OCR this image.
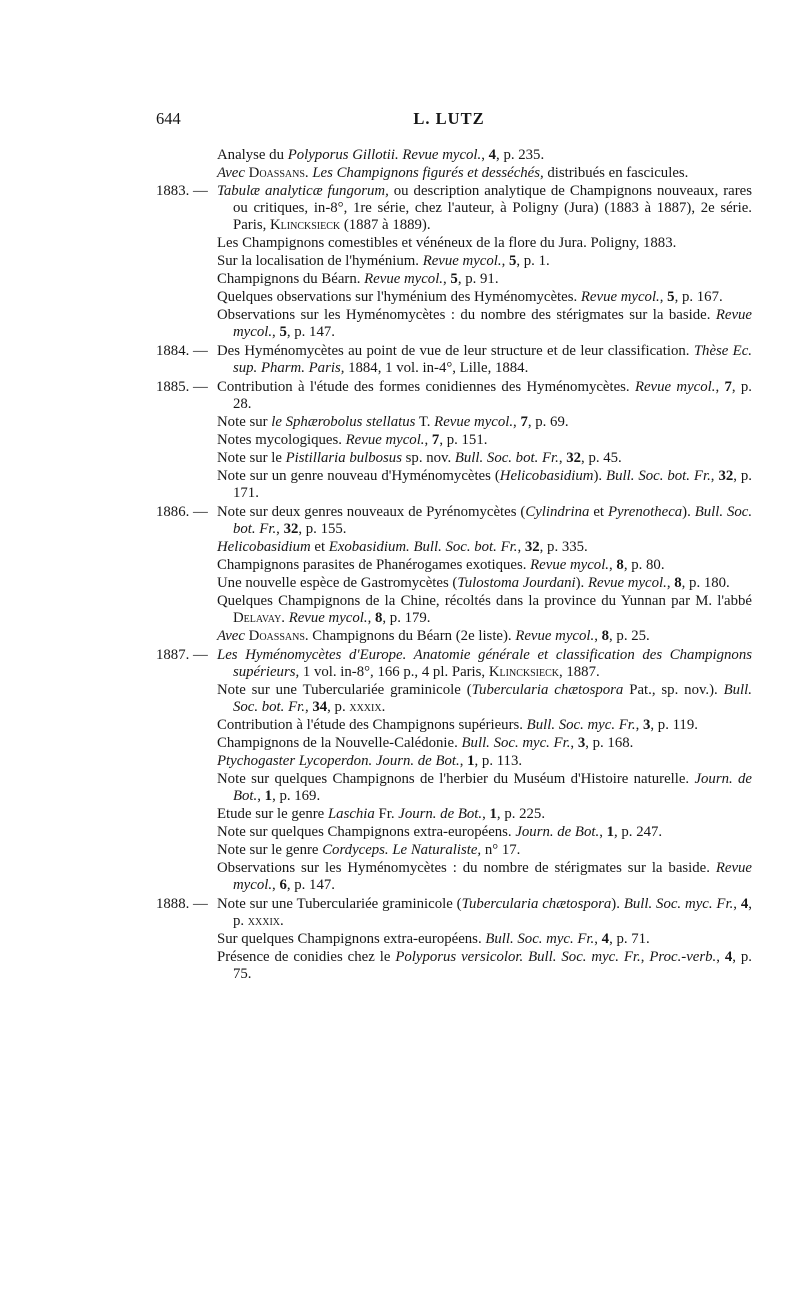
644	L. LUTZ

Analyse du Polyporus Gillotii. Revue mycol., 4, p. 235.

Avec Doassans. Les Champignons figurés et desséchés, distribués en fascicules.

1883. — Tabulæ analyticæ fungorum, ou description analytique de Champignons nouveaux, rares ou critiques, in-8°, 1re série, chez l'auteur, à Poligny (Jura) (1883 à 1887), 2e série. Paris, Klincksieck (1887 à 1889).

Les Champignons comestibles et vénéneux de la flore du Jura. Poligny, 1883.

Sur la localisation de l'hyménium. Revue mycol., 5, p. 1.

Champignons du Béarn. Revue mycol., 5, p. 91.

Quelques observations sur l'hyménium des Hyménomycètes. Revue mycol., 5, p. 167.

Observations sur les Hyménomycètes : du nombre des stérigmates sur la baside. Revue mycol., 5, p. 147.

1884. — Des Hyménomycètes au point de vue de leur structure et de leur classification. Thèse Ec. sup. Pharm. Paris, 1884, 1 vol. in-4°, Lille, 1884.

1885. — Contribution à l'étude des formes conidiennes des Hyménomycètes. Revue mycol., 7, p. 28.

Note sur le Sphærobolus stellatus T. Revue mycol., 7, p. 69.

Notes mycologiques. Revue mycol., 7, p. 151.

Note sur le Pistillaria bulbosus sp. nov. Bull. Soc. bot. Fr., 32, p. 45.

Note sur un genre nouveau d'Hyménomycètes (Helicobasidium). Bull. Soc. bot. Fr., 32, p. 171.

1886. — Note sur deux genres nouveaux de Pyrénomycètes (Cylindrina et Pyrenotheca). Bull. Soc. bot. Fr., 32, p. 155.

Helicobasidium et Exobasidium. Bull. Soc. bot. Fr., 32, p. 335.

Champignons parasites de Phanérogames exotiques. Revue mycol., 8, p. 80.

Une nouvelle espèce de Gastromycètes (Tulostoma Jourdani). Revue mycol., 8, p. 180.

Quelques Champignons de la Chine, récoltés dans la province du Yunnan par M. l'abbé Delavay. Revue mycol., 8, p. 179.

Avec Doassans. Champignons du Béarn (2e liste). Revue mycol., 8, p. 25.

1887. — Les Hyménomycètes d'Europe. Anatomie générale et classification des Champignons supérieurs, 1 vol. in-8°, 166 p., 4 pl. Paris, Klincksieck, 1887.

Note sur une Tuberculariée graminicole (Tubercularia chætospora Pat., sp. nov.). Bull. Soc. bot. Fr., 34, p. xxxix.

Contribution à l'étude des Champignons supérieurs. Bull. Soc. myc. Fr., 3, p. 119.

Champignons de la Nouvelle-Calédonie. Bull. Soc. myc. Fr., 3, p. 168.

Ptychogaster Lycoperdon. Journ. de Bot., 1, p. 113.

Note sur quelques Champignons de l'herbier du Muséum d'Histoire naturelle. Journ. de Bot., 1, p. 169.

Etude sur le genre Laschia Fr. Journ. de Bot., 1, p. 225.

Note sur quelques Champignons extra-européens. Journ. de Bot., 1, p. 247.

Note sur le genre Cordyceps. Le Naturaliste, n° 17.

Observations sur les Hyménomycètes : du nombre de stérigmates sur la baside. Revue mycol., 6, p. 147.

1888. — Note sur une Tuberculariée graminicole (Tubercularia chætospora). Bull. Soc. myc. Fr., 4, p. xxxix.

Sur quelques Champignons extra-européens. Bull. Soc. myc. Fr., 4, p. 71.

Présence de conidies chez le Polyporus versicolor. Bull. Soc. myc. Fr., Proc.-verb., 4, p. 75.
